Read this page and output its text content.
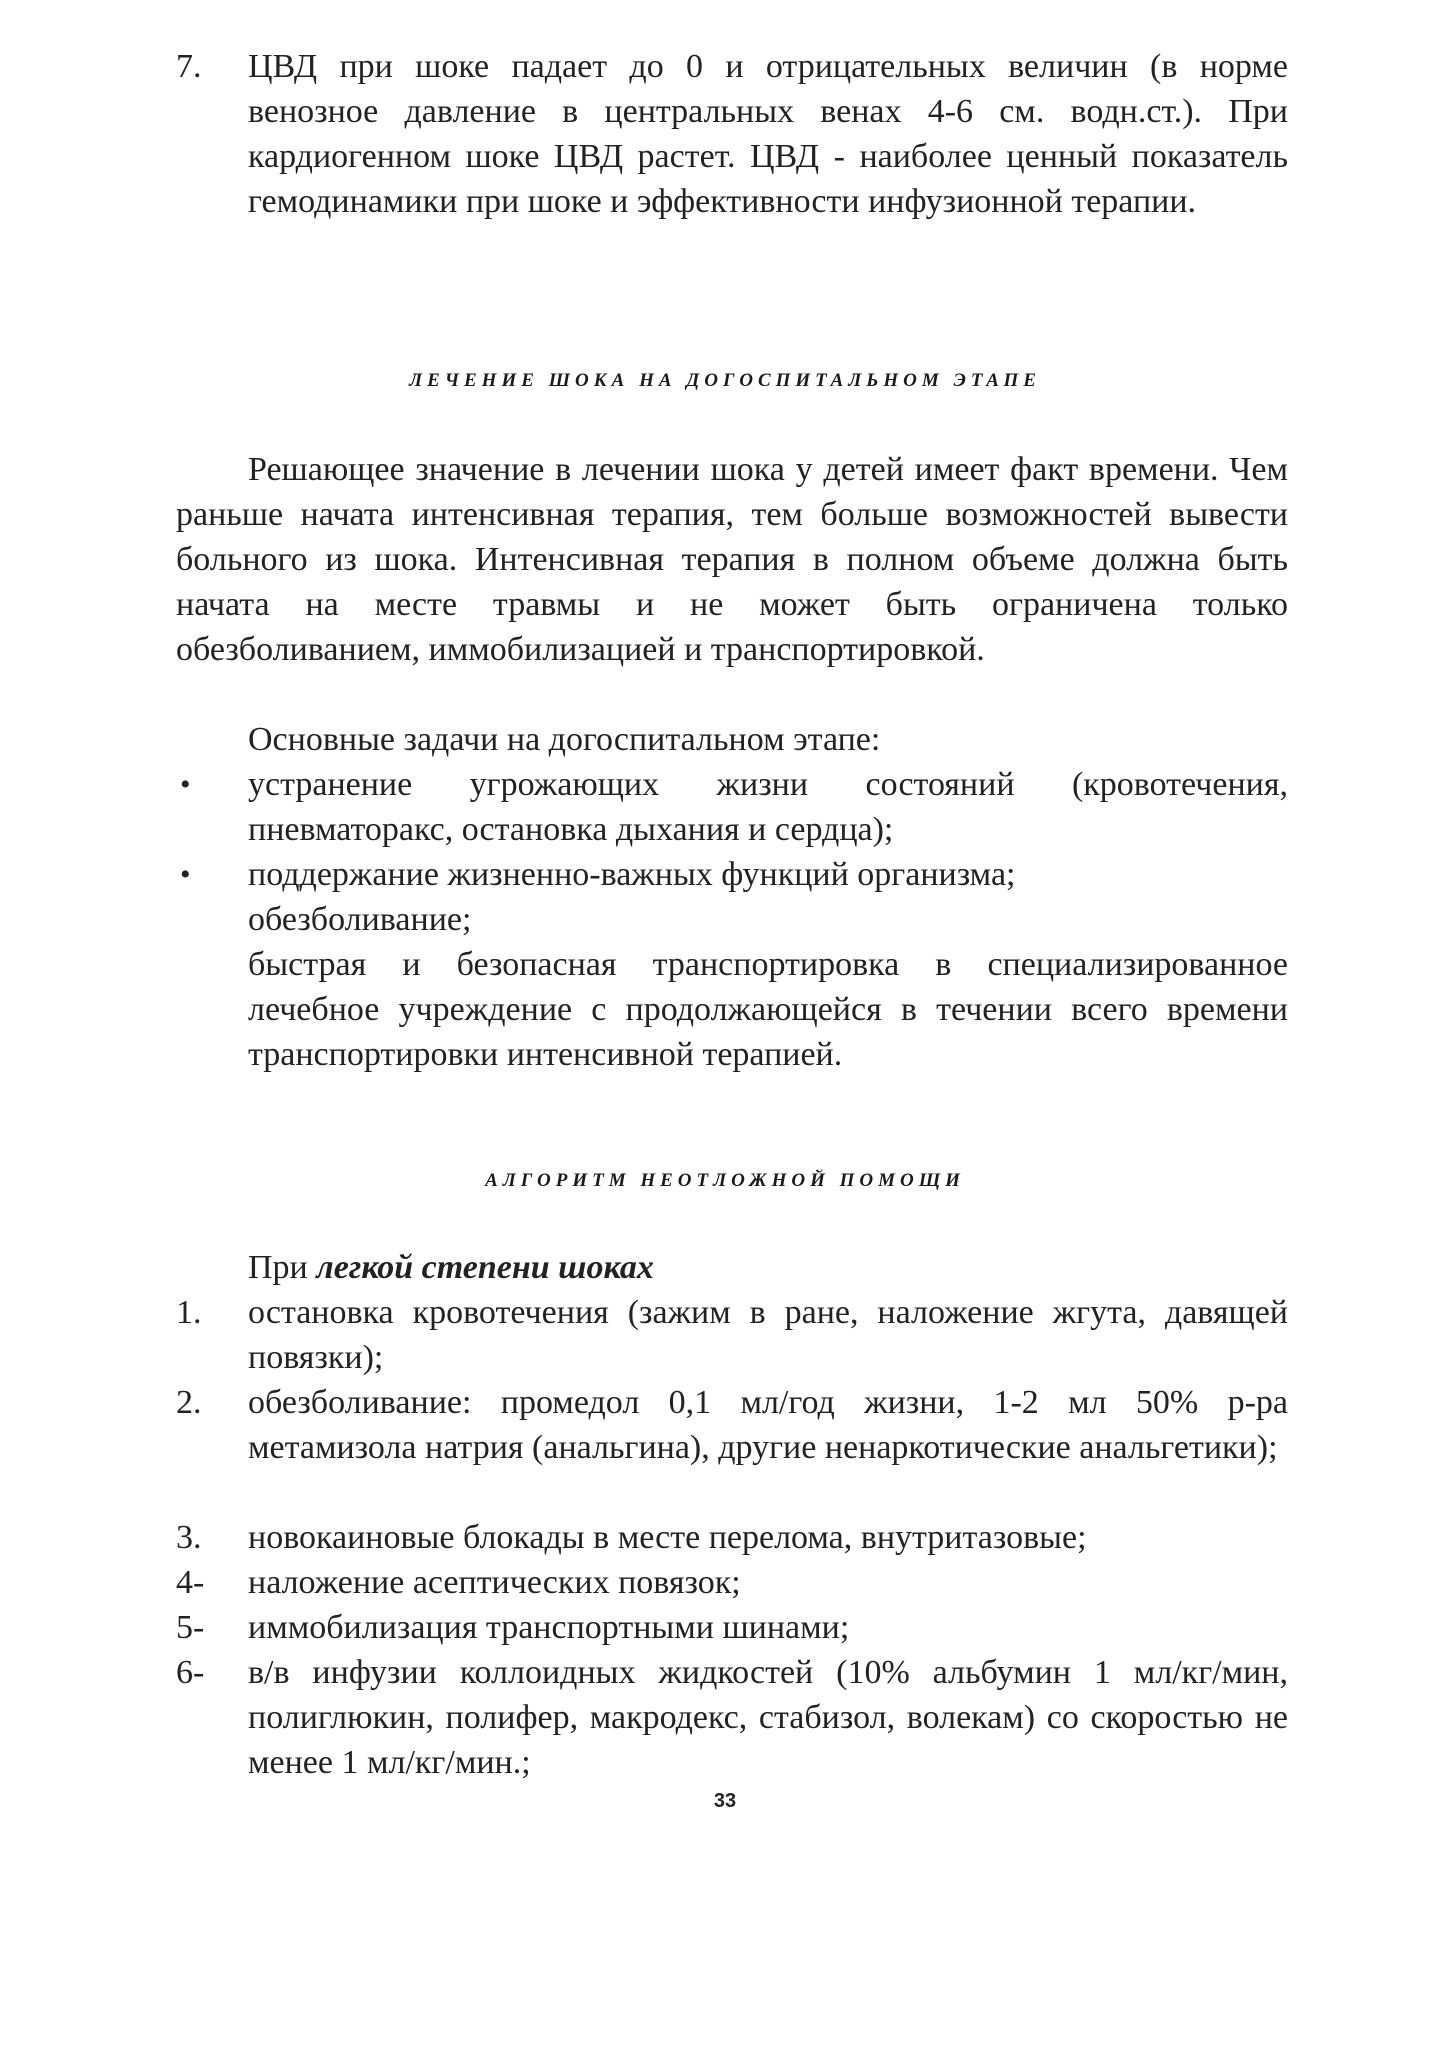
7.	ЦВД при шоке падает до 0 и отрицательных величин (в норме венозное давление в центральных венах 4-6 см. водн.ст.). При кардиогенном шоке ЦВД растет. ЦВД - наиболее ценный показатель гемодинамики при шоке и эффективности инфузионной терапии.
ЛЕЧЕНИЕ ШОКА НА ДОГОСПИТАЛЬНОМ ЭТАПЕ
Решающее значение в лечении шока у детей имеет факт времени. Чем раньше начата интенсивная терапия, тем больше возможностей вывести больного из шока. Интенсивная терапия в полном объеме должна быть начата на месте травмы и не может быть ограничена только обезболиванием, иммобилизацией и транспортировкой.
Основные задачи на догоспитальном этапе:
•	устранение угрожающих жизни состояний (кровотечения, пневматоракс, остановка дыхания и сердца);
•	поддержание жизненно-важных функций организма;
обезболивание;
быстрая и безопасная транспортировка в специализированное лечебное учреждение с продолжающейся в течении всего времени транспортировки интенсивной терапией.
АЛГОРИТМ НЕОТЛОЖНОЙ ПОМОЩИ
При легкой степени шоках
1.	остановка кровотечения (зажим в ране, наложение жгута, давящей повязки);
2.	обезболивание: промедол 0,1 мл/год жизни, 1-2 мл 50% р-ра метамизола натрия (анальгина), другие ненаркотические анальгетики);
3.	новокаиновые блокады в месте перелома, внутритазовые;
4-	наложение асептических повязок;
5-	иммобилизация транспортными шинами;
6-	в/в инфузии коллоидных жидкостей (10% альбумин 1 мл/кг/мин, полиглюкин, полифер, макродекс, стабизол, волекам) со скоростью не менее 1 мл/кг/мин.;
33
